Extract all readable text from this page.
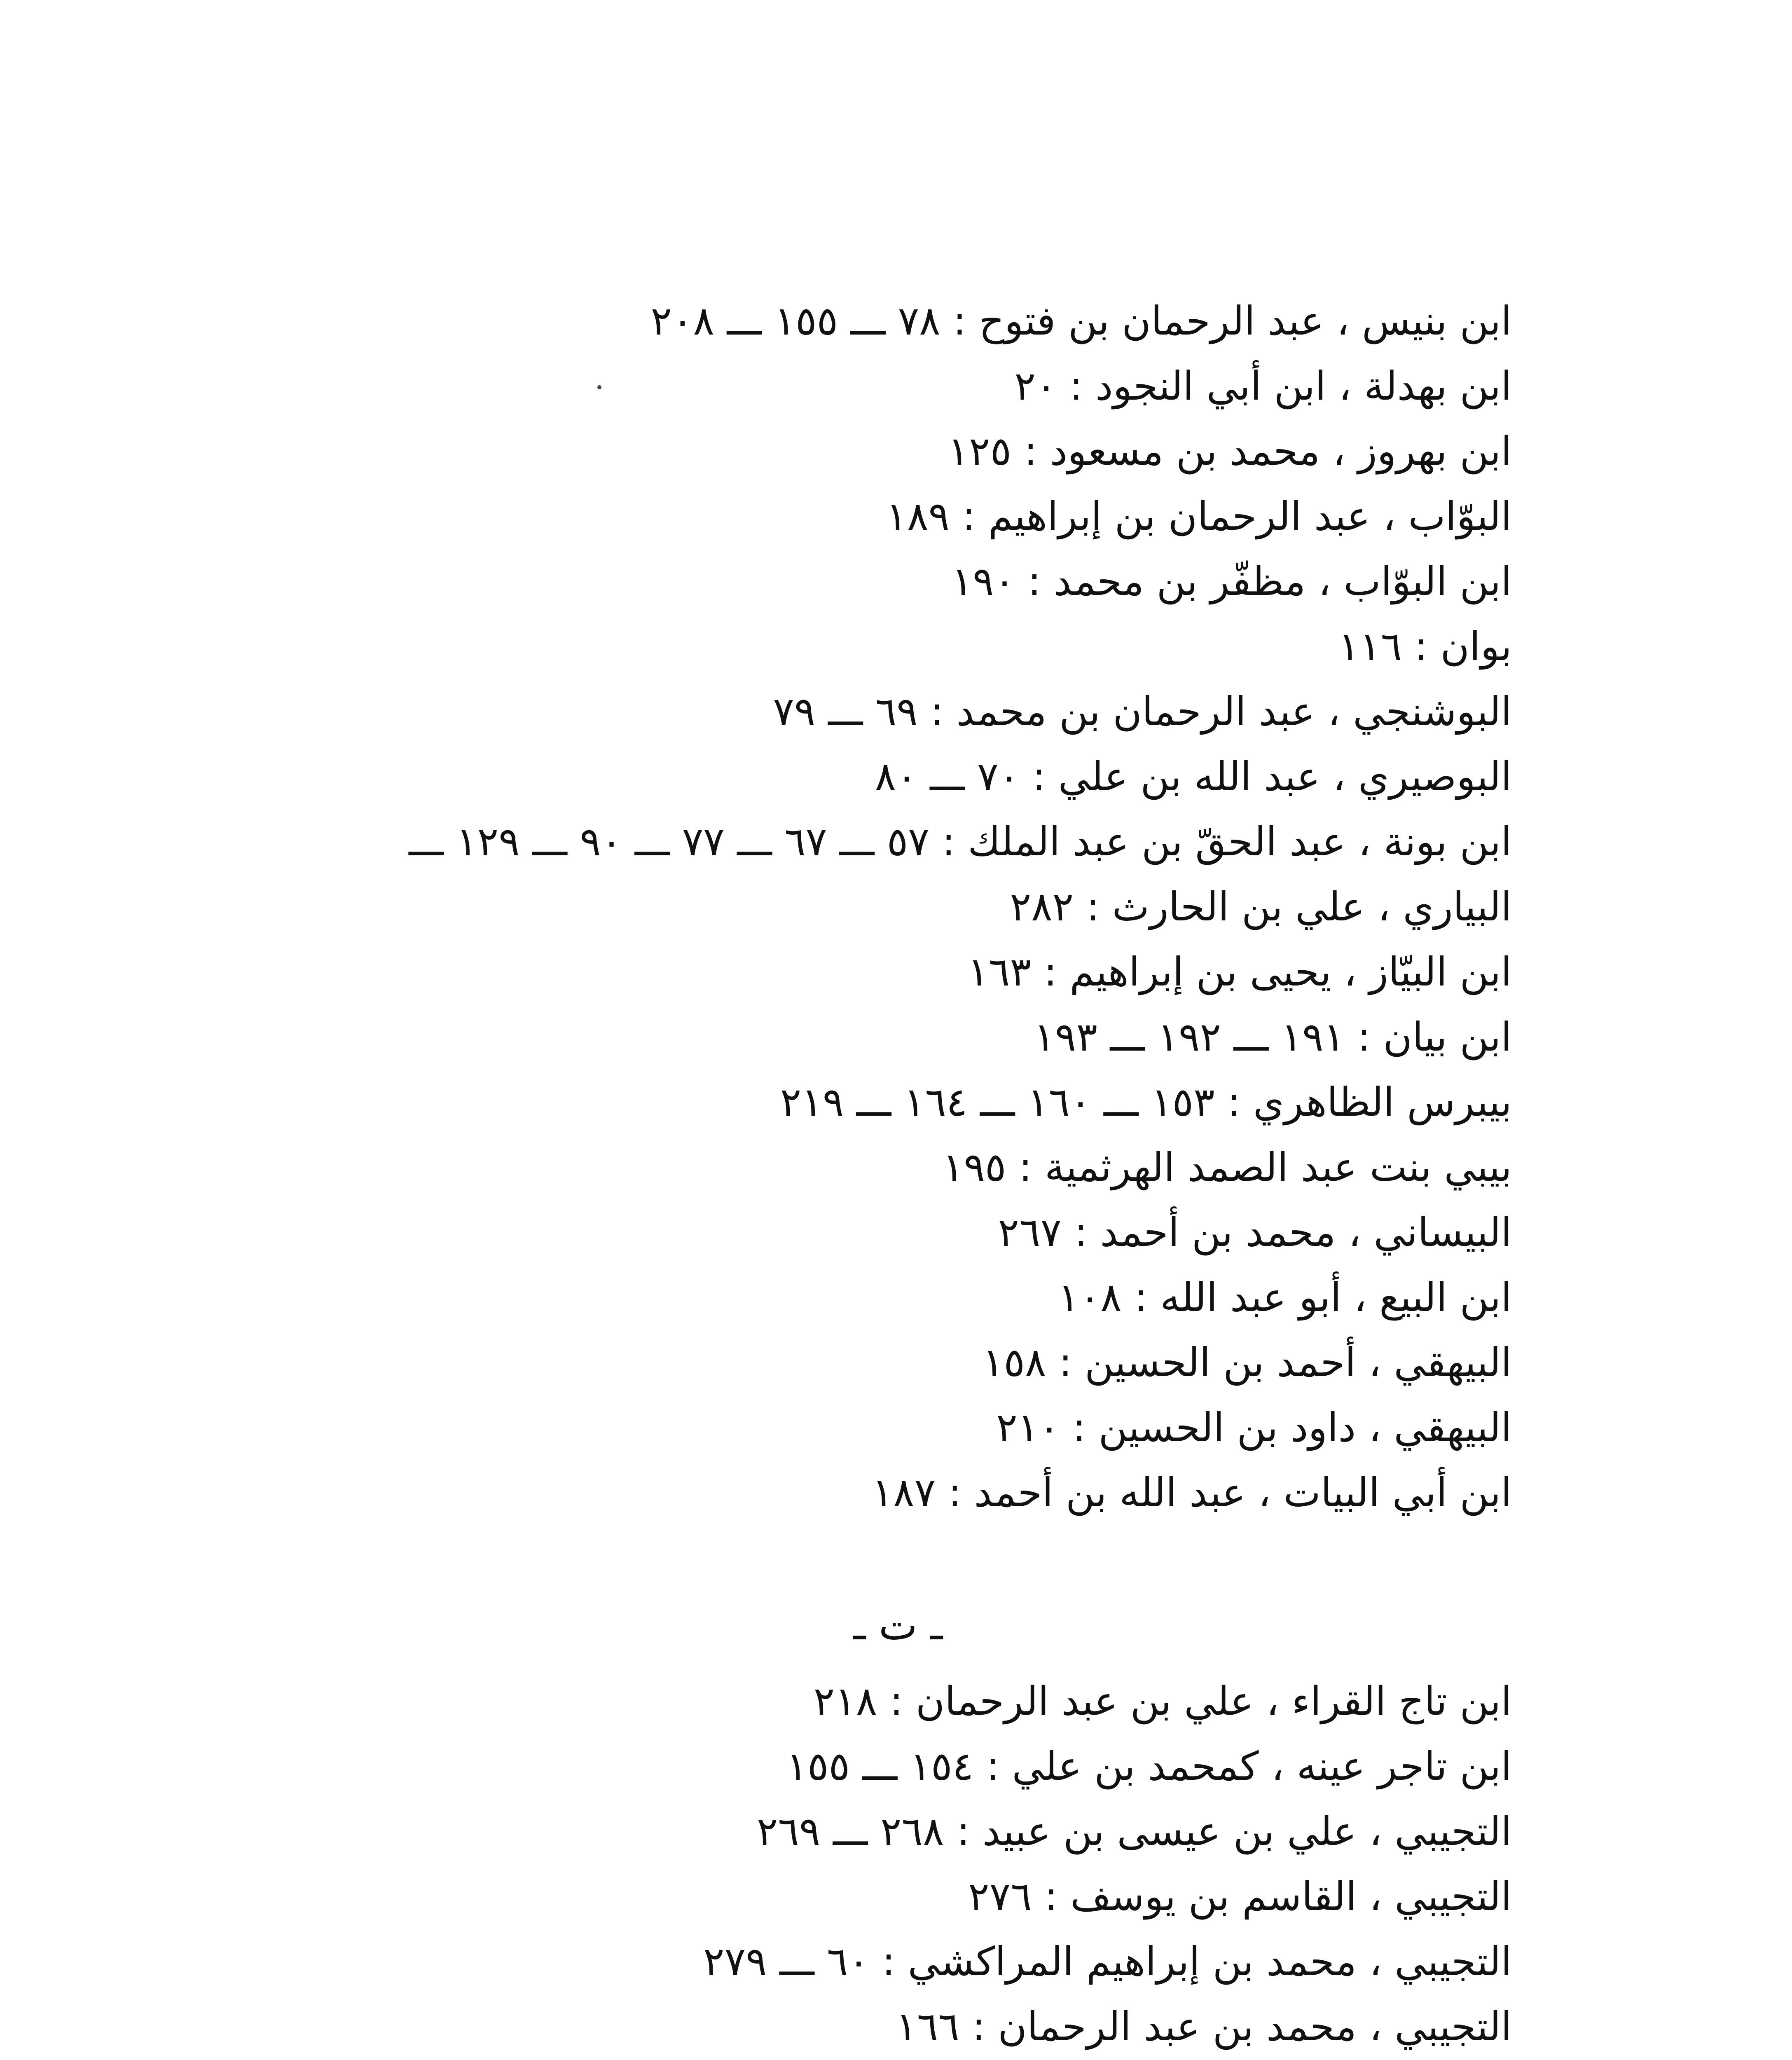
ابن بنيس ، عبد الرحمان بن فتوح : ٧٨ ـــ ١٥٥ ـــ ٢٠٨
ابن بهدلة ، ابن أبي النجود : ٢٠
ابن بهروز ، محمد بن مسعود : ١٢٥
البوّاب ، عبد الرحمان بن إبراهيم : ١٨٩
ابن البوّاب ، مظفّر بن محمد : ١٩٠
بوان : ١١٦
البوشنجي ، عبد الرحمان بن محمد : ٦٩ ـــ ٧٩
البوصيري ، عبد الله بن علي : ٧٠ ـــ ٨٠
ابن بونة ، عبد الحقّ بن عبد الملك : ٥٧ ـــ ٦٧ ـــ ٧٧ ـــ ٩٠ ـــ ١٢٩ ـــ
البياري ، علي بن الحارث : ٢٨٢
ابن البيّاز ، يحيى بن إبراهيم : ١٦٣
ابن بيان : ١٩١ ـــ ١٩٢ ـــ ١٩٣
بيبرس الظاهري : ١٥٣ ـــ ١٦٠ ـــ ١٦٤ ـــ ٢١٩
بيبي بنت عبد الصمد الهرثمية : ١٩٥
البيساني ، محمد بن أحمد : ٢٦٧
ابن البيع ، أبو عبد الله : ١٠٨
البيهقي ، أحمد بن الحسين : ١٥٨
البيهقي ، داود بن الحسين : ٢١٠
ابن أبي البيات ، عبد الله بن أحمد : ١٨٧
ـ ت ـ
ابن تاج القراء ، علي بن عبد الرحمان : ٢١٨
ابن تاجر عينه ، كمحمد بن علي : ١٥٤ ـــ ١٥٥
التجيبي ، علي بن عيسى بن عبيد : ٢٦٨ ـــ ٢٦٩
التجيبي ، القاسم بن يوسف : ٢٧٦
التجيبي ، محمد بن إبراهيم المراكشي : ٦٠ ـــ ٢٧٩
التجيبي ، محمد بن عبد الرحمان : ١٦٦
